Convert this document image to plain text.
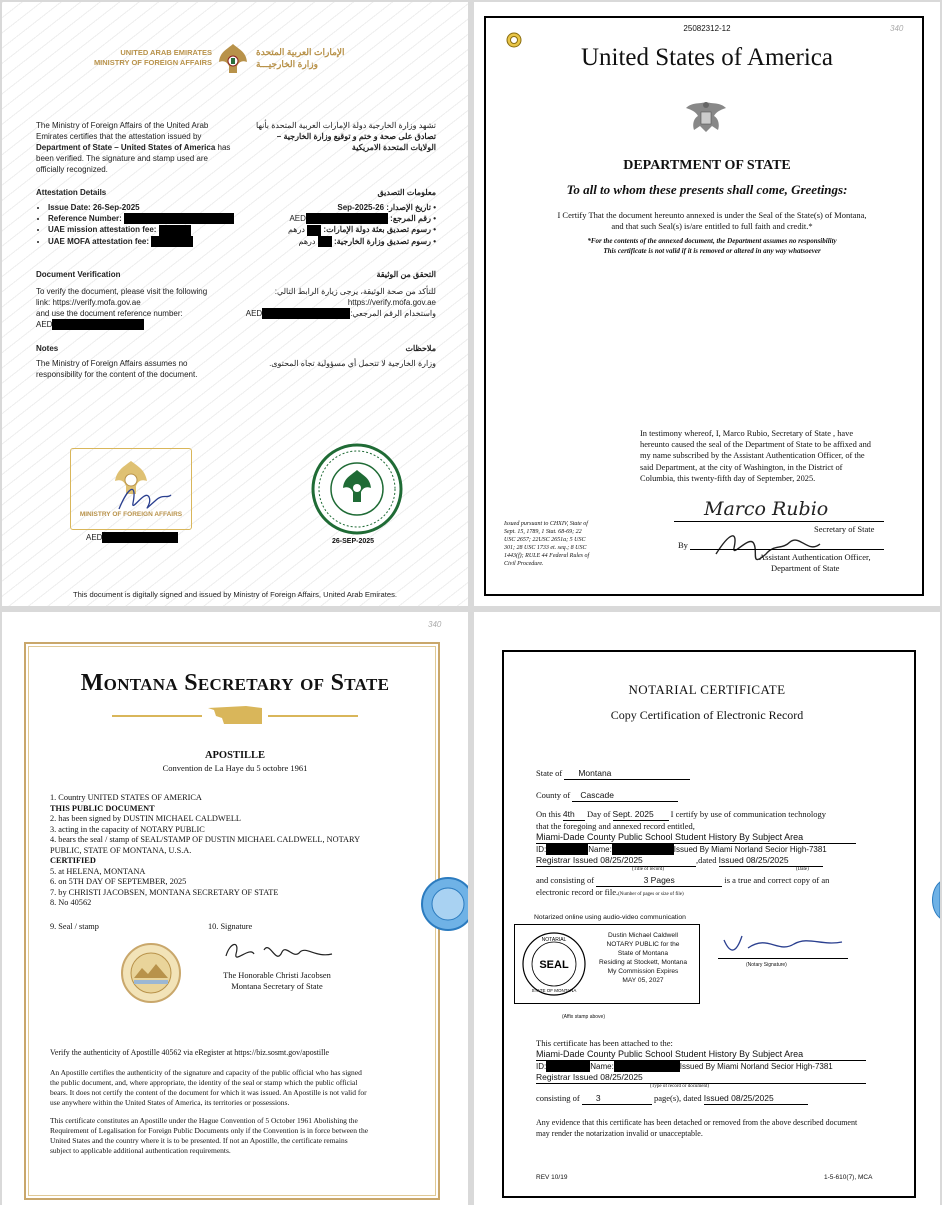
UNITED ARAB EMIRATES
MINISTRY OF FOREIGN AFFAIRS
الإمارات العربية المتحدة
وزارة الخارجيـــة
The Ministry of Foreign Affairs of the United Arab
Emirates certifies that the attestation issued by
Department of State – United States of America has
been verified. The signature and stamp used are
officially recognized.
تشهد وزارة الخارجية دولة الإمارات العربية المتحدة بأنها
تصادق على صحة و ختم و توقيع وزارة الخارجية –
الولايات المتحدة الامريكية
Attestation Details	معلومات التصديق
• Issue Date: 26-Sep-2025
• Reference Number:
• UAE mission attestation fee:
• UAE MOFA attestation fee:
• تاريخ الإصدار: 26-Sep-2025
• رقم المرجع: AED
• رسوم تصديق بعثة دولة الإمارات:  درهم
• رسوم تصديق وزارة الخارجية:  درهم
Document Verification	التحقق من الوثيقة
To verify the document, please visit the following
link: https://verify.mofa.gov.ae
and use the document reference number:
AED
للتأكد من صحة الوثيقة، يرجى زيارة الرابط التالي:
https://verify.mofa.gov.ae
واستخدام الرقم المرجعي:AED
Notes	ملاحظات
The Ministry of Foreign Affairs assumes no
responsibility for the content of the document.
وزارة الخارجية لا تتحمل أي مسؤولية تجاه المحتوى.
MINISTRY OF FOREIGN AFFAIRS
AED	26-SEP-2025
This document is digitally signed and issued by Ministry of Foreign Affairs, United Arab Emirates.
25082312-12	340
United States of America
DEPARTMENT OF STATE
To all to whom these presents shall come, Greetings:
I Certify That the document hereunto annexed is under the Seal of the State(s) of Montana,
and that such Seal(s) is/are entitled to full faith and credit.*
*For the contents of the annexed document, the Department assumes no responsibility
This certificate is not valid if it is removed or altered in any way whatsoever
In testimony whereof, I, Marco Rubio, Secretary of State , have
hereunto caused the seal of the Department of State to be affixed and
my name subscribed by the Assistant Authentication Officer, of the
said Department, at the city of Washington, in the District of
Columbia, this twenty-fifth day of September, 2025.
Issued pursuant to CHXIV, State of
Sept. 15, 1789, 1 Stat. 68-69; 22
USC 2657; 22USC 2651a; 5 USC
301; 28 USC 1733 et. seq.; 8 USC
1443(f); RULE 44 Federal Rules of
Civil Procedure.
Marco Rubio
Secretary of State
By
Assistant Authentication Officer,
Department of State
340
Montana Secretary of State
APOSTILLE
Convention de La Haye du 5 octobre 1961
1. Country UNITED STATES OF AMERICA
THIS PUBLIC DOCUMENT
2. has been signed by DUSTIN MICHAEL CALDWELL
3. acting in the capacity of NOTARY PUBLIC
4. bears the seal / stamp of SEAL/STAMP OF DUSTIN MICHAEL CALDWELL, NOTARY
PUBLIC, STATE OF MONTANA, U.S.A.
CERTIFIED
5. at HELENA, MONTANA
6. on 5TH DAY OF SEPTEMBER, 2025
7. by CHRISTI JACOBSEN, MONTANA SECRETARY OF STATE
8. No 40562
9. Seal / stamp	10. Signature
The Honorable Christi Jacobsen
Montana Secretary of State
Verify the authenticity of Apostille 40562 via eRegister at https://biz.sosmt.gov/apostille
An Apostille certifies the authenticity of the signature and capacity of the public official who has signed
the public document, and, where appropriate, the identity of the seal or stamp which the public official
bears. It does not certify the content of the document for which it was issued. An Apostille is not valid for
use anywhere within the United States of America, its territories or possessions.
This certificate constitutes an Apostille under the Hague Convention of 5 October 1961 Abolishing the
Requirement of Legalisation for Foreign Public Documents only if the Convention is in force between the
United States and the country where it is to be presented. If not an Apostille, the certificate remains
subject to applicable additional authentication requirements.
NOTARIAL CERTIFICATE
Copy Certification of Electronic Record
State of Montana
County of Cascade
On this 4th Day of Sept. 2025 I certify by use of communication technology
that the foregoing and annexed record entitled,
Miami-Dade County Public School Student History By Subject Area
ID:	Name:	Issued By Miami Norland Secior High-7381
Registrar Issued 08/25/2025	,dated Issued 08/25/2025
(Title of record)	(Date)
and consisting of	3 Pages	is a true and correct copy of an
electronic record or file.(Number of pages or size of file)
Notarized online using audio-video communication
SEAL
NOTARIAL
STATE OF MONTANA
Dustin Michael Caldwell
NOTARY PUBLIC for the
State of Montana
Residing at Stockett, Montana
My Commission Expires
MAY 05, 2027
(Notary Signature)
(Affix stamp above)
This certificate has been attached to the:
Miami-Dade County Public School Student History By Subject Area
ID:	Name:	Issued By Miami Norland Secior High-7381
Registrar Issued 08/25/2025
(Type of record or document)
consisting of 3	page(s), dated Issued 08/25/2025
Any evidence that this certificate has been detached or removed from the above described document
may render the notarization invalid or unacceptable.
REV 10/19	1-5-610(7), MCA
